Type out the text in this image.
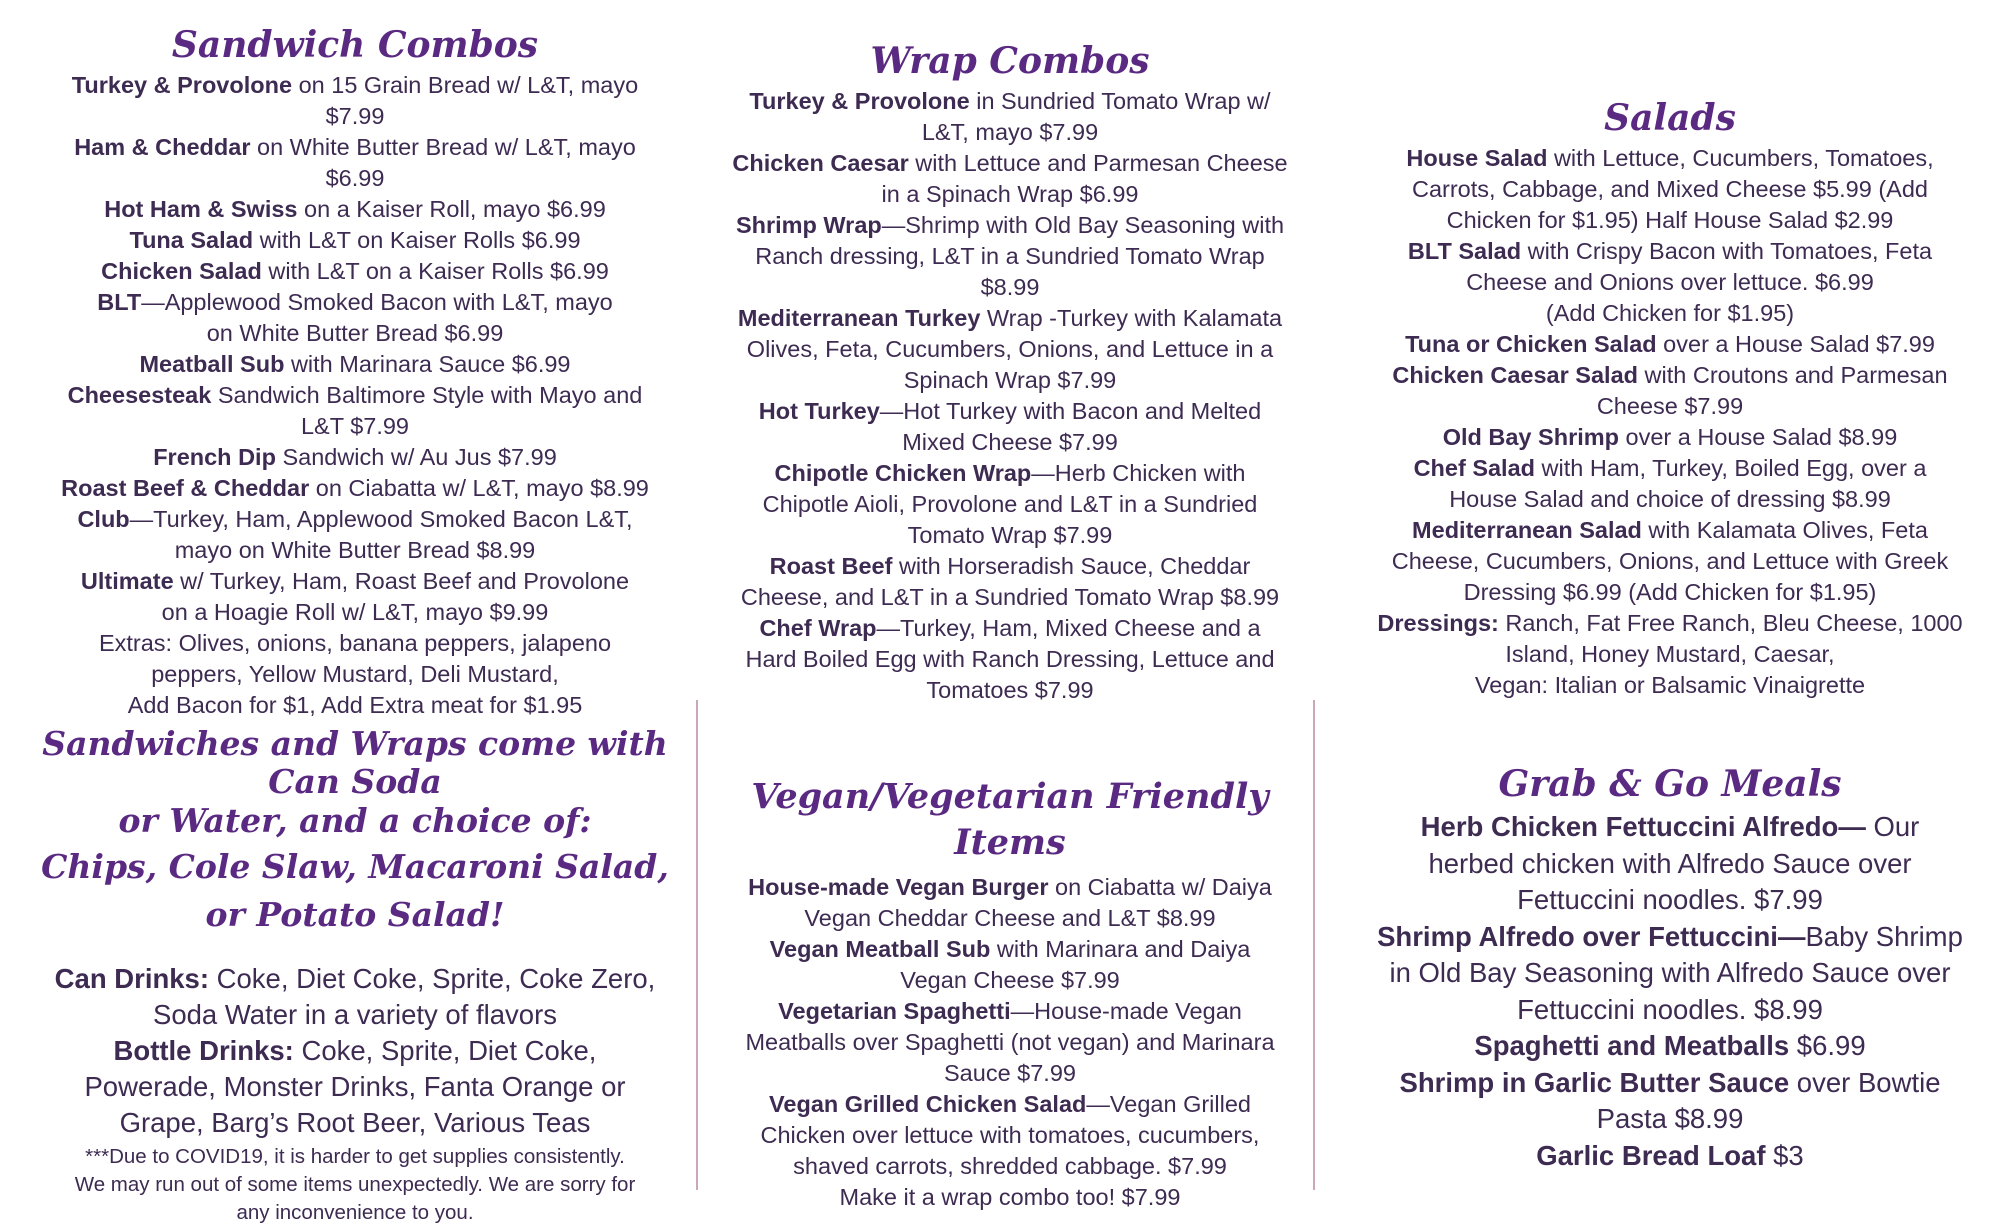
Sandwich Combos

Turkey & Provolone on 15 Grain Bread w/ L&T, mayo

$7.99

Ham & Cheddar on White Butter Bread w/ L&T, mayo

$6.99

Hot Ham & Swiss on a Kaiser Roll, mayo $6.99

Tuna Salad with L&T on Kaiser Rolls $6.99

Chicken Salad with L&T on a Kaiser Rolls $6.99

BLT—Applewood Smoked Bacon with L&T, mayo

on White Butter Bread $6.99

Meatball Sub with Marinara Sauce $6.99

Cheesesteak Sandwich Baltimore Style with Mayo and

L&T $7.99

French Dip Sandwich w/ Au Jus $7.99

Roast Beef & Cheddar on Ciabatta w/ L&T, mayo $8.99

Club—Turkey, Ham, Applewood Smoked Bacon L&T,

mayo on White Butter Bread $8.99

Ultimate w/ Turkey, Ham, Roast Beef and Provolone

on a Hoagie Roll w/ L&T, mayo $9.99

Extras: Olives, onions, banana peppers, jalapeno

peppers, Yellow Mustard, Deli Mustard,

Add Bacon for $1, Add Extra meat for $1.95

Sandwiches and Wraps come with Can Soda

or Water, and a choice of:

Chips, Cole Slaw, Macaroni Salad,

or Potato Salad!

Can Drinks: Coke, Diet Coke, Sprite, Coke Zero,

Soda Water in a variety of flavors

Bottle Drinks: Coke, Sprite, Diet Coke,

Powerade, Monster Drinks, Fanta Orange or

Grape, Barg’s Root Beer, Various Teas

***Due to COVID19, it is harder to get supplies consistently.

We may run out of some items unexpectedly. We are sorry for

any inconvenience to you.

Wrap Combos

Turkey & Provolone in Sundried Tomato Wrap w/

L&T, mayo $7.99

Chicken Caesar with Lettuce and Parmesan Cheese

in a Spinach Wrap $6.99

Shrimp Wrap—Shrimp with Old Bay Seasoning with

Ranch dressing, L&T in a Sundried Tomato Wrap

$8.99

Mediterranean Turkey Wrap -Turkey with Kalamata

Olives, Feta, Cucumbers, Onions, and Lettuce in a

Spinach Wrap $7.99

Hot Turkey—Hot Turkey with Bacon and Melted

Mixed Cheese $7.99

Chipotle Chicken Wrap—Herb Chicken with

Chipotle Aioli, Provolone and L&T in a Sundried

Tomato Wrap $7.99

Roast Beef with Horseradish Sauce, Cheddar

Cheese, and L&T in a Sundried Tomato Wrap $8.99

Chef Wrap—Turkey, Ham, Mixed Cheese and a

Hard Boiled Egg with Ranch Dressing, Lettuce and

Tomatoes $7.99

Vegan/Vegetarian Friendly Items

House-made Vegan Burger on Ciabatta w/ Daiya

Vegan Cheddar Cheese and L&T $8.99

Vegan Meatball Sub with Marinara and Daiya

Vegan Cheese $7.99

Vegetarian Spaghetti—House-made Vegan

Meatballs over Spaghetti (not vegan) and Marinara

Sauce $7.99

Vegan Grilled Chicken Salad—Vegan Grilled

Chicken over lettuce with tomatoes, cucumbers,

shaved carrots, shredded cabbage. $7.99

Make it a wrap combo too! $7.99

Salads

House Salad with Lettuce, Cucumbers, Tomatoes,

Carrots, Cabbage, and Mixed Cheese $5.99 (Add

Chicken for $1.95) Half House Salad $2.99

BLT Salad with Crispy Bacon with Tomatoes, Feta

Cheese and Onions over lettuce. $6.99

(Add Chicken for $1.95)

Tuna or Chicken Salad over a House Salad $7.99

Chicken Caesar Salad with Croutons and Parmesan

Cheese $7.99

Old Bay Shrimp over a House Salad $8.99

Chef Salad with Ham, Turkey, Boiled Egg, over a

House Salad and choice of dressing $8.99

Mediterranean Salad with Kalamata Olives, Feta

Cheese, Cucumbers, Onions, and Lettuce with Greek

Dressing $6.99 (Add Chicken for $1.95)

Dressings: Ranch, Fat Free Ranch, Bleu Cheese, 1000

Island, Honey Mustard, Caesar,

Vegan: Italian or Balsamic Vinaigrette

Grab & Go Meals

Herb Chicken Fettuccini Alfredo— Our

herbed chicken with Alfredo Sauce over

Fettuccini noodles. $7.99

Shrimp Alfredo over Fettuccini—Baby Shrimp

in Old Bay Seasoning with Alfredo Sauce over

Fettuccini noodles. $8.99

Spaghetti and Meatballs $6.99

Shrimp in Garlic Butter Sauce over Bowtie

Pasta $8.99

Garlic Bread Loaf $3
